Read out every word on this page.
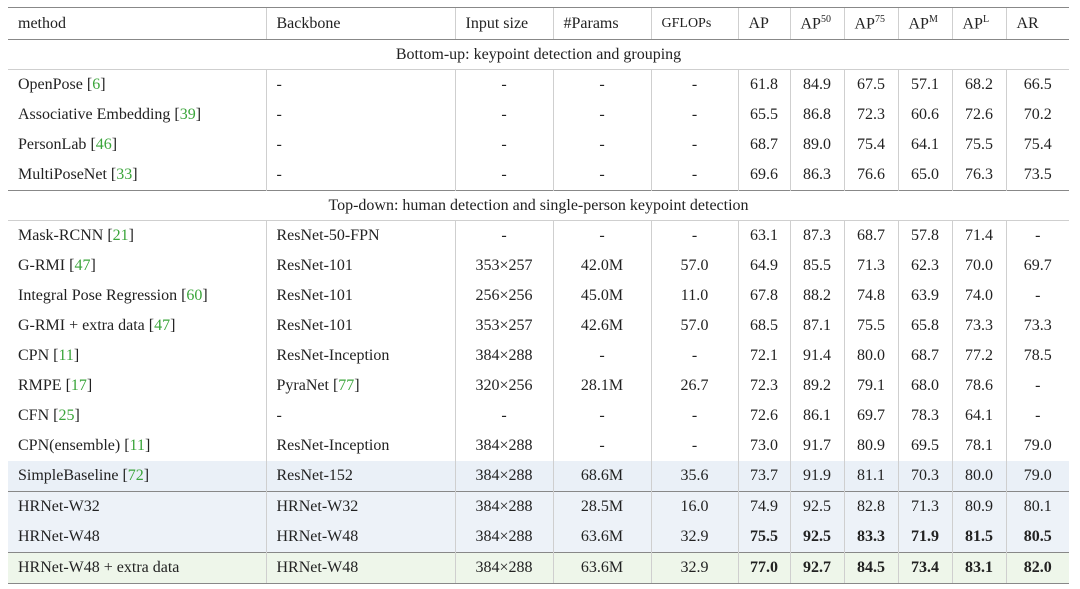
method	Backbone	Input size	#Params	GFLOPs	AP	AP$^{50}$	AP$^{75}$	$AP^M$	$AP^L$	AR
Bottom-up: keypoint detection and grouping										
OpenPose [6]	-	-	-	-	61.8	84.9	67.5	57.1	68.2	66.5
Associative Embedding [39]	-	-	-	-	65.5	86.8	72.3	60.6	72.6	70.2
PersonLab [46]	-	-	-	-	68.7	89.0	75.4	64.1	75.5	75.4
MultiPoseNet [33]	-	-	-	-	69.6	86.3	76.6	65.0	76.3	73.5
Top-down: human detection and single-person keypoint detection										
Mask-RCNN [21]	ResNet-50-FPN	-	-	-	63.1	87.3	68.7	57.8	71.4	-
G-RMI [47]	ResNet-101	353×257	42.0M	57.0	64.9	85.5	71.3	62.3	70.0	69.7
Integral Pose Regression [60]	ResNet-101	256×256	45.0M	11.0	67.8	88.2	74.8	63.9	74.0	-
G-RMI + extra data [47]	ResNet-101	353×257	42.6M	57.0	68.5	87.1	75.5	65.8	73.3	73.3
CPN [11]	ResNet-Inception	384×288	-	-	72.1	91.4	80.0	68.7	77.2	78.5
RMPE [17]	PyraNet [77]	320×256	28.1M	26.7	72.3	89.2	79.1	68.0	78.6	-
CFN [25]	-	-	-	-	72.6	86.1	69.7	78.3	64.1	-
CPN(ensemble) [11]	ResNet-Inception	384×288	-	-	73.0	91.7	80.9	69.5	78.1	79.0
SimpleBaseline [72]	ResNet-152	384×288	68.6M	35.6	73.7	91.9	81.1	70.3	80.0	79.0
HRNet-W32	HRNet-W32	384×288	28.5M	16.0	74.9	92.5	82.8	71.3	80.9	80.1
HRNet-W48	HRNet-W48	384×288	63.6M	32.9	75.5	92.5	83.3	71.9	81.5	80.5
HRNet-W48 + extra data	HRNet-W48	384×288	63.6M	32.9	77.0	92.7	84.5	73.4	83.1	82.0
